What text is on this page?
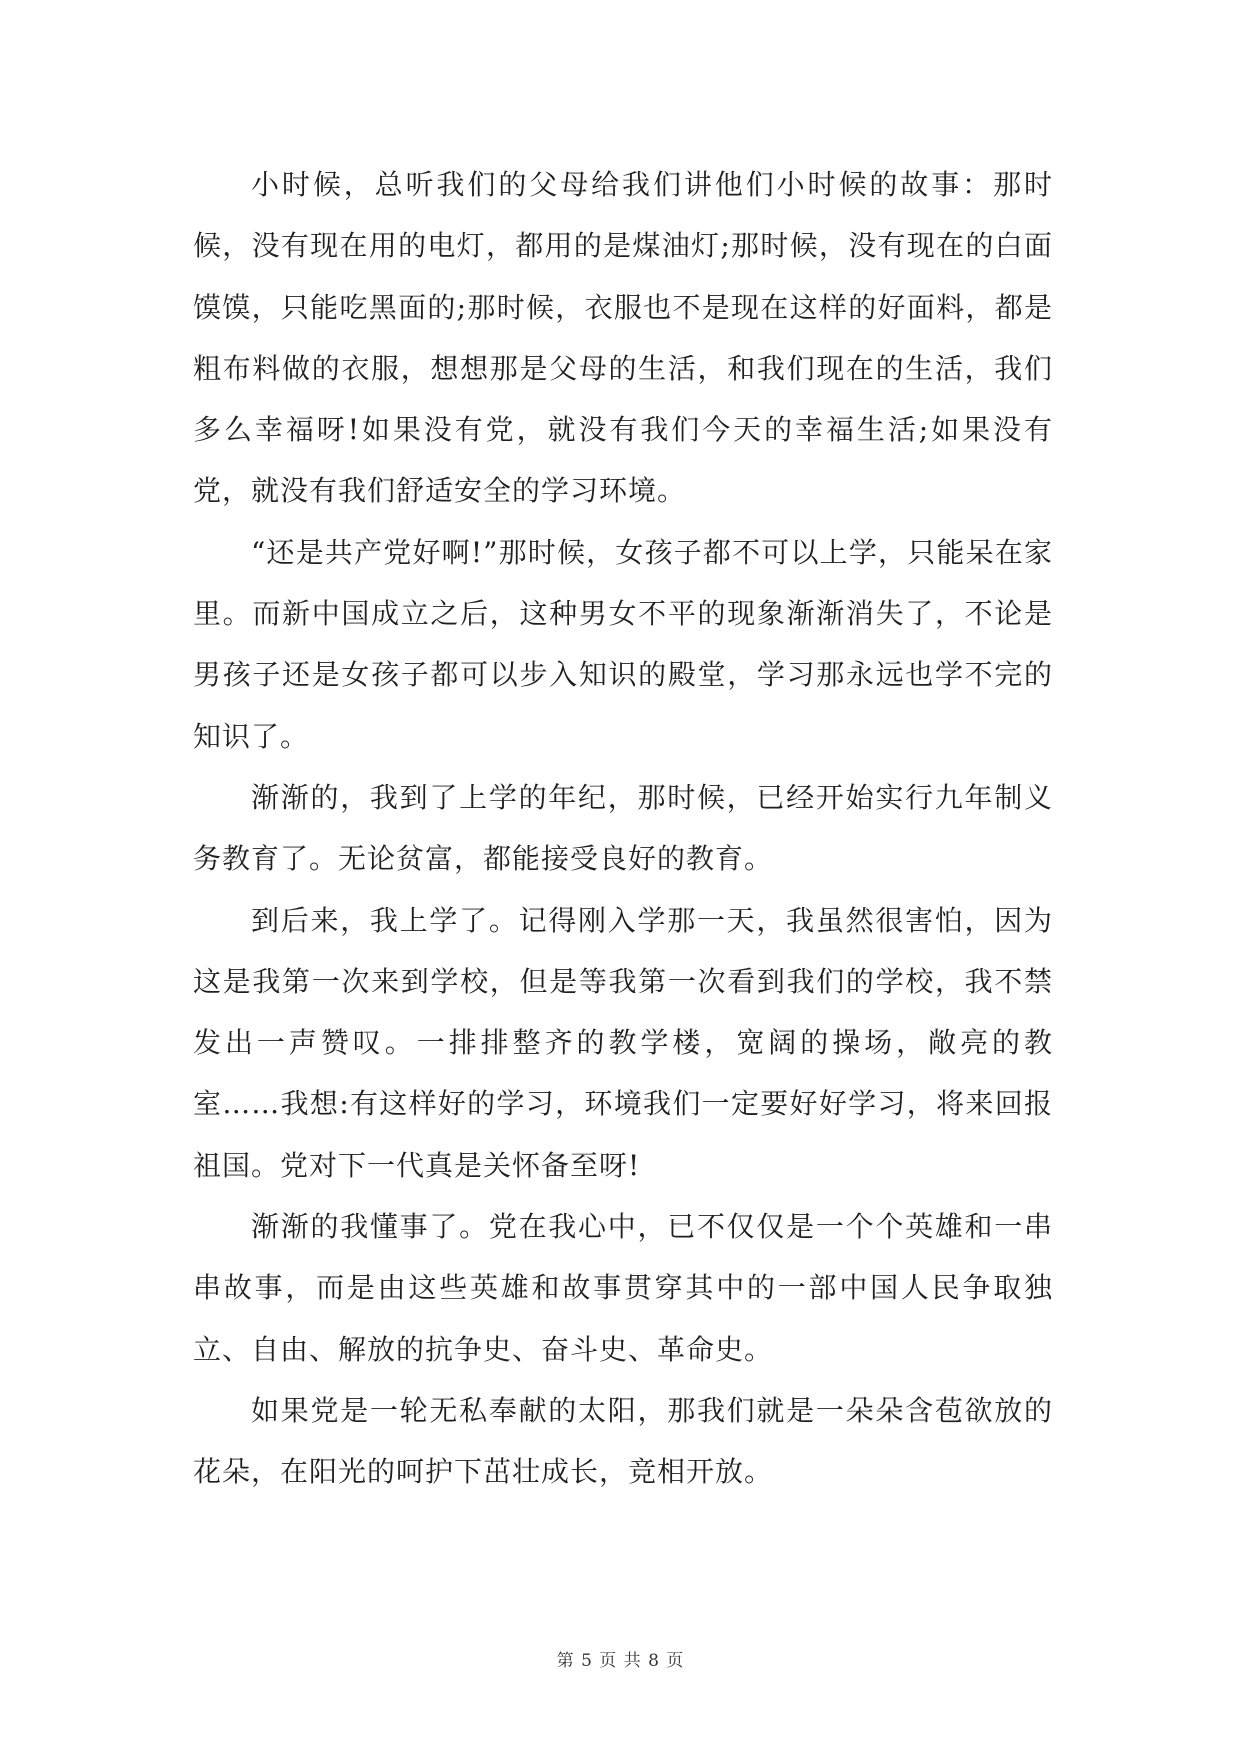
小时候，总听我们的父母给我们讲他们小时候的故事：那时候，没有现在用的电灯，都用的是煤油灯;那时候，没有现在的白面馍馍，只能吃黑面的;那时候，衣服也不是现在这样的好面料，都是粗布料做的衣服，想想那是父母的生活，和我们现在的生活，我们多么幸福呀!如果没有党，就没有我们今天的幸福生活;如果没有党，就没有我们舒适安全的学习环境。

“还是共产党好啊!”那时候，女孩子都不可以上学，只能呆在家里。而新中国成立之后，这种男女不平的现象渐渐消失了，不论是男孩子还是女孩子都可以步入知识的殿堂，学习那永远也学不完的知识了。

渐渐的，我到了上学的年纪，那时候，已经开始实行九年制义务教育了。无论贫富，都能接受良好的教育。

到后来，我上学了。记得刚入学那一天，我虽然很害怕，因为这是我第一次来到学校，但是等我第一次看到我们的学校，我不禁发出一声赞叹。一排排整齐的教学楼，宽阔的操场，敞亮的教室……我想:有这样好的学习，环境我们一定要好好学习，将来回报祖国。党对下一代真是关怀备至呀!

渐渐的我懂事了。党在我心中，已不仅仅是一个个英雄和一串串故事，而是由这些英雄和故事贯穿其中的一部中国人民争取独立、自由、解放的抗争史、奋斗史、革命史。

如果党是一轮无私奉献的太阳，那我们就是一朵朵含苞欲放的花朵，在阳光的呵护下茁壮成长，竞相开放。

第 5 页 共 8 页
